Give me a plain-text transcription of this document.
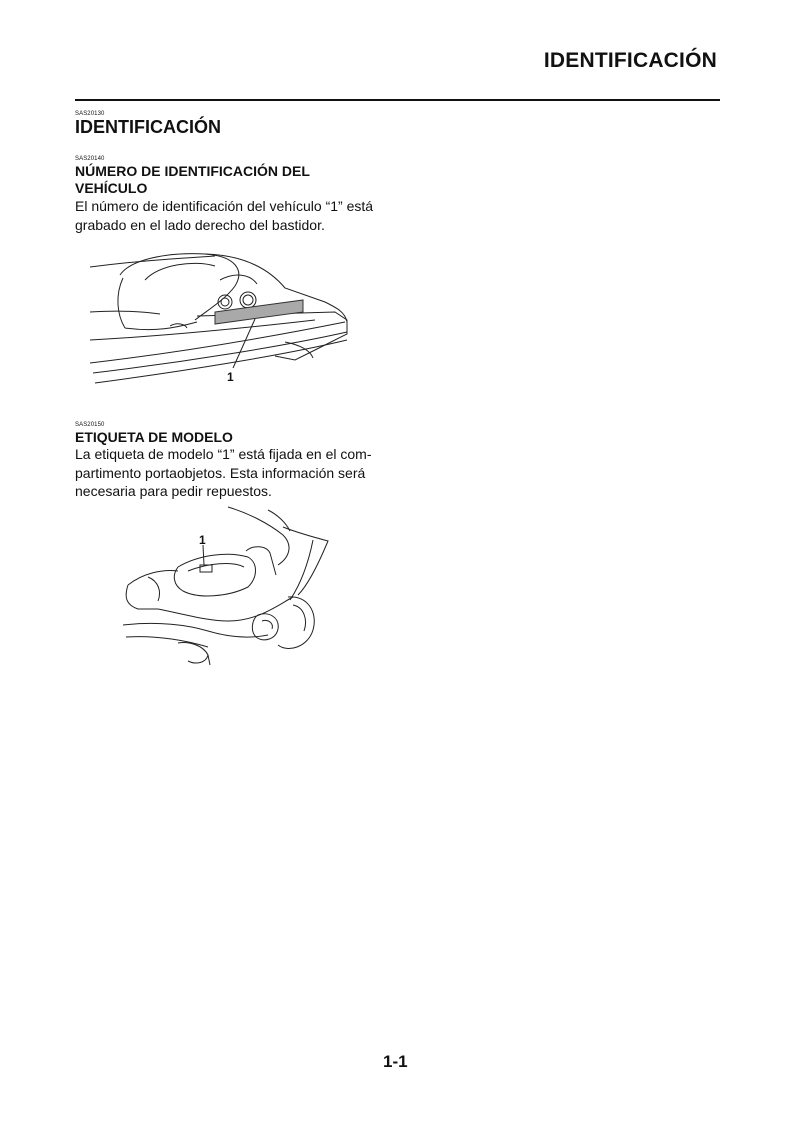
IDENTIFICACIÓN
SAS20130
IDENTIFICACIÓN
SAS20140
NÚMERO DE IDENTIFICACIÓN DEL
VEHÍCULO
El número de identificación del vehículo “1” está
grabado en el lado derecho del bastidor.
1
SAS20150
ETIQUETA DE MODELO
La etiqueta de modelo “1” está fijada en el com-
partimento portaobjetos. Esta información será
necesaria para pedir repuestos.
1
1-1
